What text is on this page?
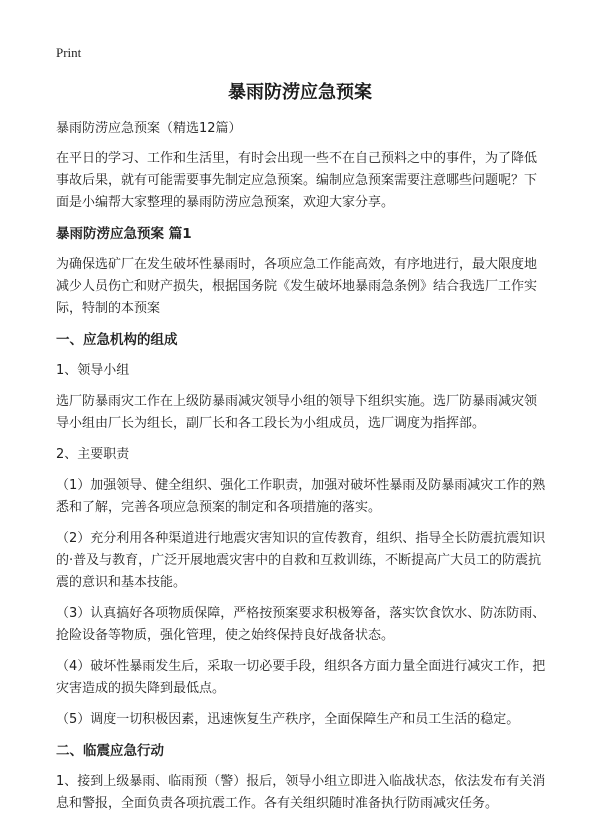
Print
暴雨防涝应急预案

暴雨防涝应急预案（精选12篇）

在平日的学习、工作和生活里，有时会出现一些不在自己预料之中的事件，为了降低事故后果，就有可能需要事先制定应急预案。编制应急预案需要注意哪些问题呢？下面是小编帮大家整理的暴雨防涝应急预案，欢迎大家分享。

暴雨防涝应急预案 篇1

为确保选矿厂在发生破坏性暴雨时，各项应急工作能高效，有序地进行，最大限度地减少人员伤亡和财产损失，根据国务院《发生破坏地暴雨急条例》结合我选厂工作实际，特制的本预案

一、应急机构的组成

1、领导小组

选厂防暴雨灾工作在上级防暴雨减灾领导小组的领导下组织实施。选厂防暴雨减灾领导小组由厂长为组长，副厂长和各工段长为小组成员，选厂调度为指挥部。

2、主要职责

（1）加强领导、健全组织、强化工作职责，加强对破坏性暴雨及防暴雨减灾工作的熟悉和了解，完善各项应急预案的制定和各项措施的落实。

（2）充分利用各种渠道进行地震灾害知识的宣传教育，组织、指导全长防震抗震知识的·普及与教育，广泛开展地震灾害中的自救和互救训练，不断提高广大员工的防震抗震的意识和基本技能。

（3）认真搞好各项物质保障，严格按预案要求积极筹备，落实饮食饮水、防冻防雨、抢险设备等物质，强化管理，使之始终保持良好战备状态。

（4）破坏性暴雨发生后，采取一切必要手段，组织各方面力量全面进行减灾工作，把灾害造成的损失降到最低点。

（5）调度一切积极因素，迅速恢复生产秩序，全面保障生产和员工生活的稳定。

二、临震应急行动

1、接到上级暴雨、临雨预（警）报后，领导小组立即进入临战状态，依法发布有关消息和警报，全面负责各项抗震工作。各有关组织随时准备执行防雨减灾任务。
